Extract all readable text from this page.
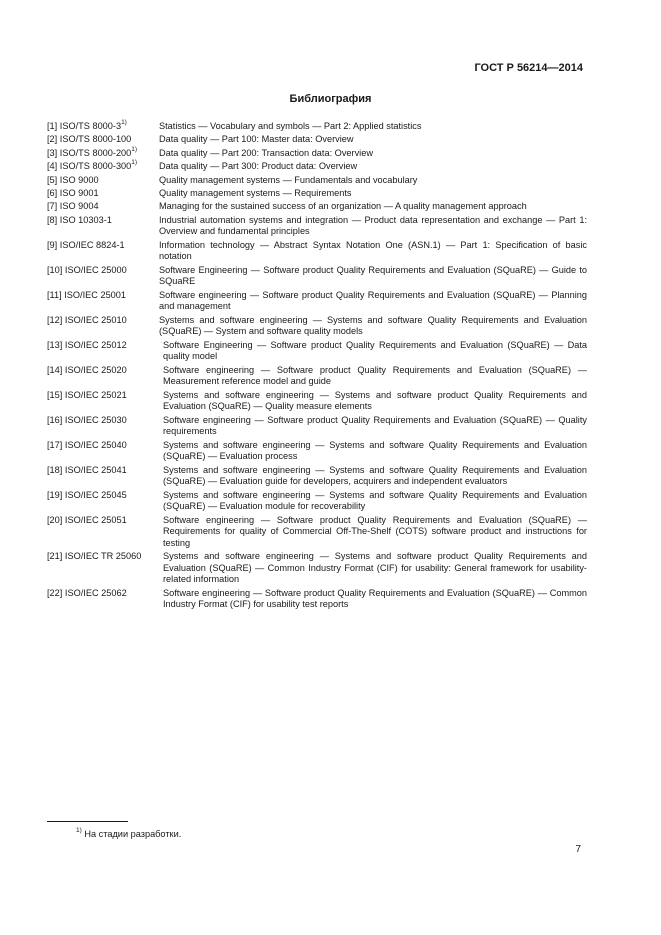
ГОСТ Р 56214—2014
Библиография
[1] ISO/TS 8000-3$^{1)}$	Statistics — Vocabulary and symbols — Part 2: Applied statistics
[2] ISO/TS 8000-100	Data quality — Part 100: Master data: Overview
[3] ISO/TS 8000-200$^{1)}$ Data quality — Part 200: Transaction data: Overview
[4] ISO/TS 8000-300$^{1)}$ Data quality — Part 300: Product data: Overview
[5] ISO 9000	Quality management systems — Fundamentals and vocabulary
[6] ISO 9001	Quality management systems — Requirements
[7] ISO 9004	Managing for the sustained success of an organization — A quality management approach
[8] ISO 10303-1	Industrial automation systems and integration — Product data representation and exchange — Part 1: Overview and fundamental principles
[9] ISO/IEC 8824-1	Information technology — Abstract Syntax Notation One (ASN.1) — Part 1: Specification of basic notation
[10] ISO/IEC 25000	Software Engineering — Software product Quality Requirements and Evaluation (SQuaRE) — Guide to SQuaRE
[11] ISO/IEC 25001	Software engineering — Software product Quality Requirements and Evaluation (SQuaRE) — Planning and management
[12] ISO/IEC 25010	Systems and software engineering — Systems and software Quality Requirements and Evaluation (SQuaRE) — System and software quality models
[13] ISO/IEC 25012	Software Engineering — Software product Quality Requirements and Evaluation (SQuaRE) — Data quality model
[14] ISO/IEC 25020	Software engineering — Software product Quality Requirements and Evaluation (SQuaRE) — Measurement reference model and guide
[15] ISO/IEC 25021	Systems and software engineering — Systems and software product Quality Requirements and Evaluation (SQuaRE) — Quality measure elements
[16] ISO/IEC 25030	Software engineering — Software product Quality Requirements and Evaluation (SQuaRE) — Quality requirements
[17] ISO/IEC 25040	Systems and software engineering — Systems and software Quality Requirements and Evaluation (SQuaRE) — Evaluation process
[18] ISO/IEC 25041	Systems and software engineering — Systems and software Quality Requirements and Evaluation (SQuaRE) — Evaluation guide for developers, acquirers and independent evaluators
[19] ISO/IEC 25045	Systems and software engineering — Systems and software Quality Requirements and Evaluation (SQuaRE) — Evaluation module for recoverability
[20] ISO/IEC 25051	Software engineering — Software product Quality Requirements and Evaluation (SQuaRE) — Requirements for quality of Commercial Off-The-Shelf (COTS) software product and instructions for testing
[21] ISO/IEC TR 25060 Systems and software engineering — Systems and software product Quality Requirements and Evaluation (SQuaRE) — Common Industry Format (CIF) for usability: General framework for usability-related information
[22] ISO/IEC 25062	Software engineering — Software product Quality Requirements and Evaluation (SQuaRE) — Common Industry Format (CIF) for usability test reports
$^{1)}$ На стадии разработки.
7
